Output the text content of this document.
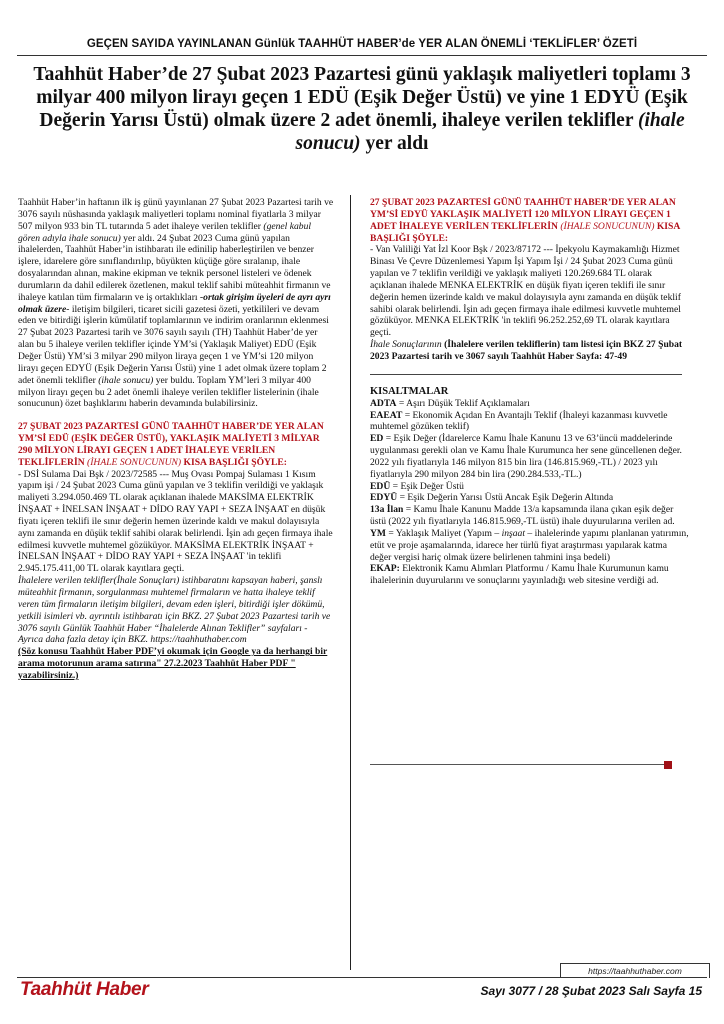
GEÇEN SAYIDA YAYINLANAN Günlük TAAHHÜT HABER’de YER ALAN ÖNEMLİ ‘TEKLİFLER’ ÖZETİ
Taahhüt Haber’de 27 Şubat 2023 Pazartesi günü yaklaşık maliyetleri toplamı 3 milyar 400 milyon lirayı geçen 1 EDÜ (Eşik Değer Üstü) ve yine 1 EDYÜ (Eşik Değerin Yarısı Üstü) olmak üzere 2 adet önemli, ihaleye verilen teklifler (ihale sonucu) yer aldı

Taahhüt Haber’in haftanın ilk iş günü yayınlanan 27 Şubat 2023 Pazartesi tarih ve 3076 sayılı nüshasında yaklaşık maliyetleri toplamı nominal fiyatlarla 3 milyar 507 milyon 933 bin TL tutarında 5 adet ihaleye verilen teklifler (genel kabul gören adıyla ihale sonucu) yer aldı. 24 Şubat 2023 Cuma günü yapılan ihalelerden, Taahhüt Haber’in istihbaratı ile edinilip haberleştirilen ve benzer işlere, idarelere göre sınıflandırılıp, büyükten küçüğe göre sıralanıp, ihale dosyalarından alınan, makine ekipman ve teknik personel listeleri ve ödenek durumların da dahil edilerek özetlenen, makul teklif sahibi müteahhit firmanın ve ihaleye katılan tüm firmaların ve iş ortaklıkları -ortak girişim üyeleri de ayrı ayrı olmak üzere- iletişim bilgileri, ticaret sicili gazetesi özeti, yetkilileri ve devam eden ve bitirdiği işlerin kümülatif toplamlarının ve indirim oranlarının eklenmesi 27 Şubat 2023 Pazartesi tarih ve 3076 sayılı sayılı (TH) Taahhüt Haber’de yer alan bu 5 ihaleye verilen teklifler içinde YM’si (Yaklaşık Maliyet) EDÜ (Eşik Değer Üstü) YM’si 3 milyar 290 milyon liraya geçen 1 ve YM’si 120 milyon lirayı geçen EDYÜ (Eşik Değerin Yarısı Üstü) yine 1 adet olmak üzere toplam 2 adet önemli teklifler (ihale sonucu) yer buldu. Toplam YM’leri 3 milyar 400 milyon lirayı geçen bu 2 adet önemli ihaleye verilen teklifler listelerinin (ihale sonucunun) özet başlıklarını haberin devamında bulabilirsiniz.

27 ŞUBAT 2023 PAZARTESİ GÜNÜ TAAHHÜT HABER’DE YER ALAN YM’Sİ EDÜ (EŞİK DEĞER ÜSTÜ), YAKLAŞIK MALİYETİ 3 MİLYAR 290 MİLYON LİRAYI GEÇEN 1 ADET İHALEYE VERİLEN TEKLİFLERİN (İHALE SONUCUNUN) KISA BAŞLIĞI ŞÖYLE:

- DSİ Sulama Dai Bşk / 2023/72585 --- Muş Ovası Pompaj Sulaması 1 Kısım yapım işi / 24 Şubat 2023 Cuma günü yapılan ve 3 teklifin verildiği ve yaklaşık maliyeti 3.294.050.469 TL olarak açıklanan ihalede MAKSİMA ELEKTRİK İNŞAAT + İNELSAN İNŞAAT + DİDO RAY YAPI + SEZA İNŞAAT en düşük fiyatı içeren teklifi ile sınır değerin hemen üzerinde kaldı ve makul dolayısıyla aynı zamanda en düşük teklif sahibi olarak belirlendi. İşin adı geçen firmaya ihale edilmesi kuvvetle muhtemel gözüküyor. MAKSİMA ELEKTRİK İNŞAAT + İNELSAN İNŞAAT + DİDO RAY YAPI + SEZA İNŞAAT 'in teklifi 2.945.175.411,00 TL olarak kayıtlara geçti.

İhalelere verilen teklifler(İhale Sonuçları) istihbaratını kapsayan haberi, şanslı müteahhit firmanın, sorgulanması muhtemel firmaların ve hatta ihaleye teklif veren tüm firmaların iletişim bilgileri, devam eden işleri, bitirdiği işler dökümü, yetkili isimleri vb. ayrıntılı istihbaratı için BKZ. 27 Şubat 2023 Pazartesi tarih ve 3076 sayılı Günlük Taahhüt Haber “İhalelerde Alınan Teklifler” sayfaları - Ayrıca daha fazla detay için BKZ. https://taahhuthaber.com

(Söz konusu Taahhüt Haber PDF’yi okumak için Google ya da herhangi bir arama motorunun arama satırına" 27.2.2023 Taahhüt Haber PDF " yazabilirsiniz.)

27 ŞUBAT 2023 PAZARTESİ GÜNÜ TAAHHÜT HABER’DE YER ALAN YM’Sİ EDYÜ YAKLAŞIK MALİYETİ 120 MİLYON LİRAYI GEÇEN 1 ADET İHALEYE VERİLEN TEKLİFLERİN (İHALE SONUCUNUN) KISA BAŞLIĞI ŞÖYLE:

- Van Valiliği Yat İzl Koor Bşk / 2023/87172 --- İpekyolu Kaymakamlığı Hizmet Binası Ve Çevre Düzenlemesi Yapım İşi Yapım İşi / 24 Şubat 2023 Cuma günü yapılan ve 7 teklifin verildiği ve yaklaşık maliyeti 120.269.684 TL olarak açıklanan ihalede MENKA ELEKTRİK en düşük fiyatı içeren teklifi ile sınır değerin hemen üzerinde kaldı ve makul dolayısıyla aynı zamanda en düşük teklif sahibi olarak belirlendi. İşin adı geçen firmaya ihale edilmesi kuvvetle muhtemel gözüküyor. MENKA ELEKTRİK 'in teklifi 96.252.252,69 TL olarak kayıtlara geçti.

İhale Sonuçlarının (İhalelere verilen tekliflerin) tam listesi için BKZ 27 Şubat 2023 Pazartesi tarih ve 3067 sayılı Taahhüt Haber Sayfa: 47-49

KISALTMALAR

ADTA = Aşırı Düşük Teklif Açıklamaları

EAEAT = Ekonomik Açıdan En Avantajlı Teklif (İhaleyi kazanması kuvvetle muhtemel gözüken teklif)

ED = Eşik Değer (İdarelerce Kamu İhale Kanunu 13 ve 63’üncü maddelerinde uygulanması gerekli olan ve Kamu İhale Kurumunca her sene güncellenen değer. 2022 yılı fiyatlarıyla 146 milyon 815 bin lira (146.815.969,-TL) / 2023 yılı fiyatlarıyla 290 milyon 284 bin lira (290.284.533,-TL.)

EDÜ = Eşik Değer Üstü

EDYÜ = Eşik Değerin Yarısı Üstü Ancak Eşik Değerin Altında

13a İlan = Kamu İhale Kanunu Madde 13/a kapsamında ilana çıkan eşik değer üstü (2022 yılı fiyatlarıyla 146.815.969,-TL üstü) ihale duyurularına verilen ad.

YM = Yaklaşık Maliyet (Yapım – inşaat – ihalelerinde yapımı planlanan yatırımın, etüt ve proje aşamalarında, idarece her türlü fiyat araştırması yapılarak katma değer vergisi hariç olmak üzere belirlenen tahmini inşa bedeli)

EKAP: Elektronik Kamu Alımları Platformu / Kamu İhale Kurumunun kamu ihalelerinin duyurularını ve sonuçlarını yayınladığı web sitesine verdiği ad.

https://taahhuthaber.com
Taahhüt Haber	Sayı 3077 / 28 Şubat 2023 Salı Sayfa 15
